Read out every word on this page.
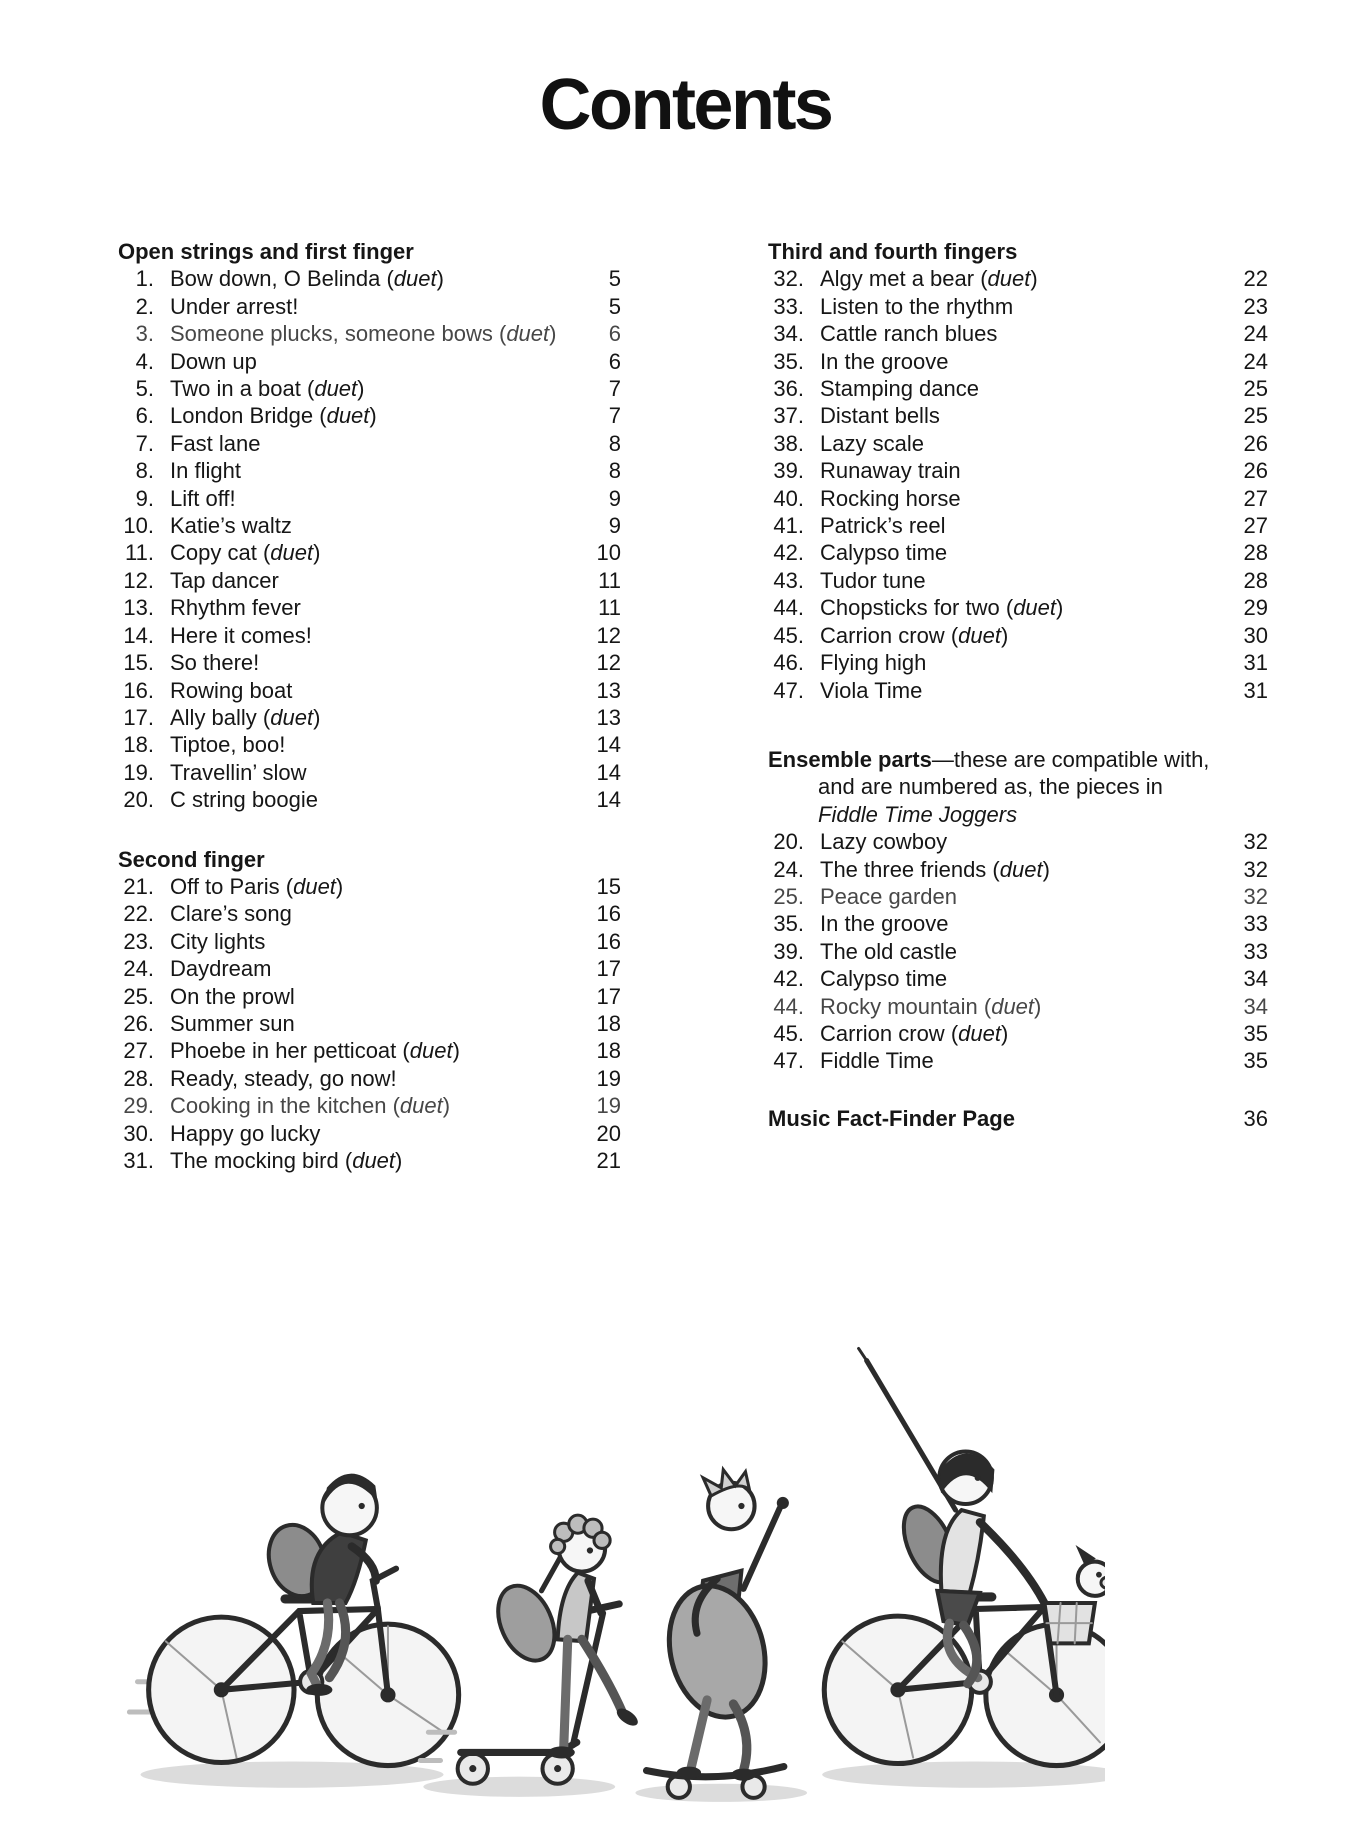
Contents
Open strings and first finger
1. Bow down, O Belinda (duet)	5
2. Under arrest!	5
3. Someone plucks, someone bows (duet)	6
4. Down up	6
5. Two in a boat (duet)	7
6. London Bridge (duet)	7
7. Fast lane	8
8. In flight	8
9. Lift off!	9
10. Katie’s waltz	9
11. Copy cat (duet)	10
12. Tap dancer	11
13. Rhythm fever	11
14. Here it comes!	12
15. So there!	12
16. Rowing boat	13
17. Ally bally (duet)	13
18. Tiptoe, boo!	14
19. Travellin’ slow	14
20. C string boogie	14
Second finger
21. Off to Paris (duet)	15
22. Clare’s song	16
23. City lights	16
24. Daydream	17
25. On the prowl	17
26. Summer sun	18
27. Phoebe in her petticoat (duet)	18
28. Ready, steady, go now!	19
29. Cooking in the kitchen (duet)	19
30. Happy go lucky	20
31. The mocking bird (duet)	21
Third and fourth fingers
32. Algy met a bear (duet)	22
33. Listen to the rhythm	23
34. Cattle ranch blues	24
35. In the groove	24
36. Stamping dance	25
37. Distant bells	25
38. Lazy scale	26
39. Runaway train	26
40. Rocking horse	27
41. Patrick’s reel	27
42. Calypso time	28
43. Tudor tune	28
44. Chopsticks for two (duet)	29
45. Carrion crow (duet)	30
46. Flying high	31
47. Viola Time	31
Ensemble parts—these are compatible with,
and are numbered as, the pieces in
Fiddle Time Joggers
20. Lazy cowboy	32
24. The three friends (duet)	32
25. Peace garden	32
35. In the groove	33
39. The old castle	33
42. Calypso time	34
44. Rocky mountain (duet)	34
45. Carrion crow (duet)	35
47. Fiddle Time	35
Music Fact-Finder Page	36
